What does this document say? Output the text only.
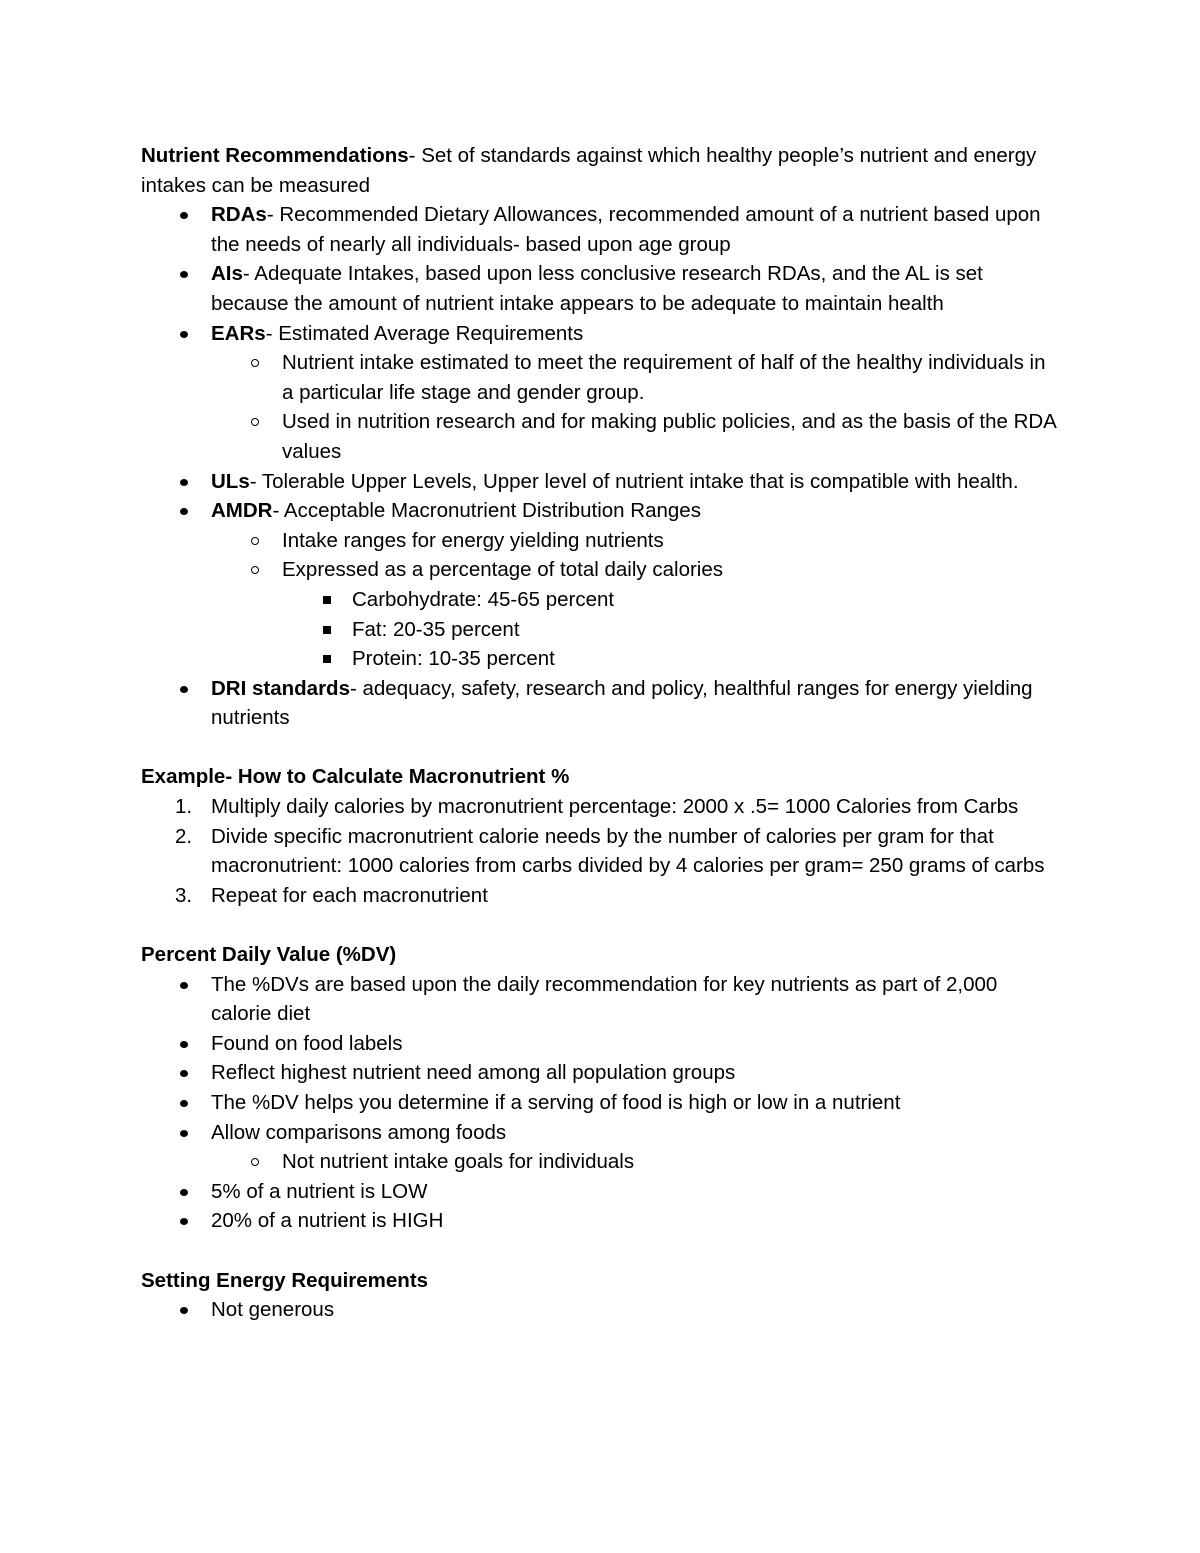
Nutrient Recommendations- Set of standards against which healthy people’s nutrient and energy intakes can be measured

RDAs- Recommended Dietary Allowances, recommended amount of a nutrient based upon the needs of nearly all individuals- based upon age group
AIs- Adequate Intakes, based upon less conclusive research RDAs, and the AL is set because the amount of nutrient intake appears to be adequate to maintain health
EARs- Estimated Average Requirements
Nutrient intake estimated to meet the requirement of half of the healthy individuals in a particular life stage and gender group.
Used in nutrition research and for making public policies, and as the basis of the RDA values
ULs- Tolerable Upper Levels, Upper level of nutrient intake that is compatible with health.
AMDR- Acceptable Macronutrient Distribution Ranges
Intake ranges for energy yielding nutrients
Expressed as a percentage of total daily calories
Carbohydrate: 45-65 percent
Fat: 20-35 percent
Protein: 10-35 percent
DRI standards- adequacy, safety, research and policy, healthful ranges for energy yielding nutrients

Example- How to Calculate Macronutrient %

1. Multiply daily calories by macronutrient percentage: 2000 x .5= 1000 Calories from Carbs
2. Divide specific macronutrient calorie needs by the number of calories per gram for that macronutrient: 1000 calories from carbs divided by 4 calories per gram= 250 grams of carbs
3. Repeat for each macronutrient

Percent Daily Value (%DV)

The %DVs are based upon the daily recommendation for key nutrients as part of 2,000 calorie diet
Found on food labels
Reflect highest nutrient need among all population groups
The %DV helps you determine if a serving of food is high or low in a nutrient
Allow comparisons among foods
Not nutrient intake goals for individuals
5% of a nutrient is LOW
20% of a nutrient is HIGH

Setting Energy Requirements

Not generous
